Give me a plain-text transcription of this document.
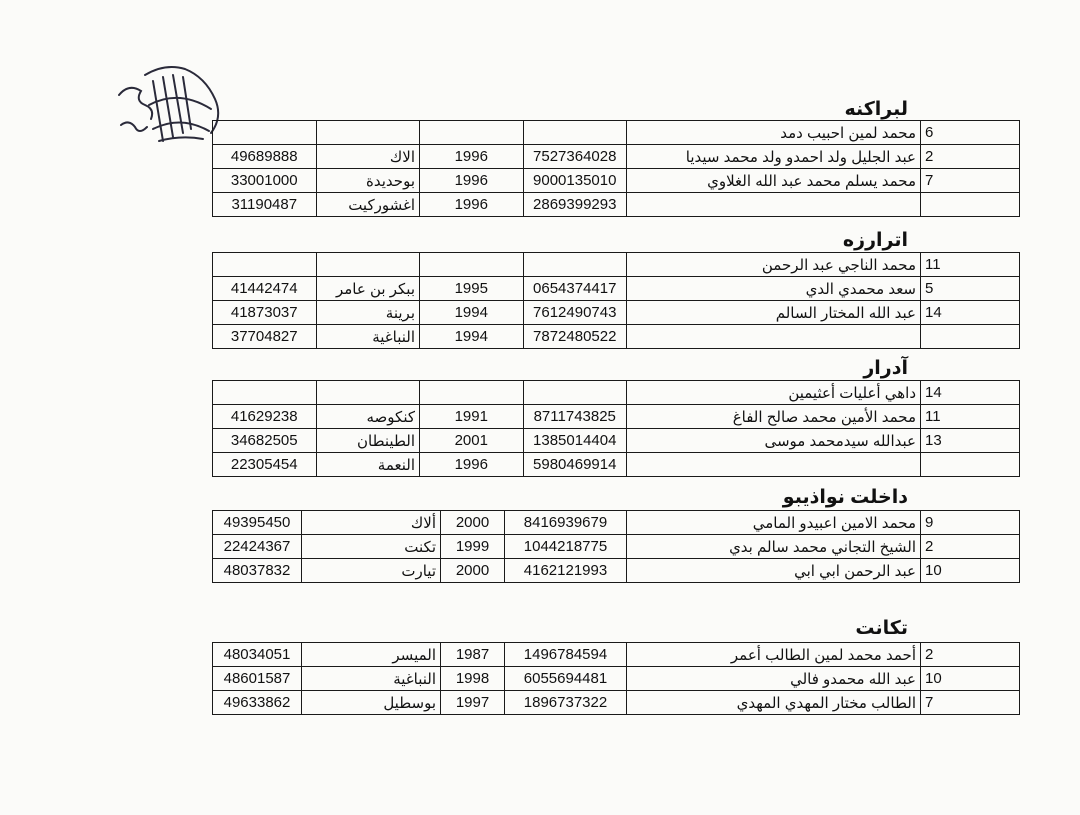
لبراكنه
6	محمد لمين احبيب دمد				
2	عبد الجليل ولد احمدو ولد محمد سيديا	7527364028	1996	الاك	49689888
7	محمد يسلم محمد عبد الله الغلاوي	9000135010	1996	بوحديدة	33001000
		2869399293	1996	اغشوركيت	31190487
اترارزه
11	محمد الناجي عبد الرحمن				
5	سعد محمدي الدي	0654374417	1995	ببكر بن عامر	41442474
14	عبد الله المختار السالم	7612490743	1994	برينة	41873037
		7872480522	1994	النباغية	37704827
آدرار
14	داهي أعليات أعثيمين				
11	محمد الأمين محمد صالح الفاغ	8711743825	1991	كنكوصه	41629238
13	عبدالله سيدمحمد موسى	1385014404	2001	الطينطان	34682505
		5980469914	1996	النعمة	22305454
داخلت نواذيبو
9	محمد الامين اعبيدو المامي	8416939679	2000	ألاك	49395450
2	الشيخ التجاني محمد سالم بدي	1044218775	1999	تكنت	22424367
10	عبد الرحمن ابي ابي	4162121993	2000	تيارت	48037832
تكانت
2	أحمد محمد لمين الطالب أعمر	1496784594	1987	الميسر	48034051
10	عبد الله محمدو فالي	6055694481	1998	النباغية	48601587
7	الطالب مختار المهدي المهدي	1896737322	1997	بوسطيل	49633862
